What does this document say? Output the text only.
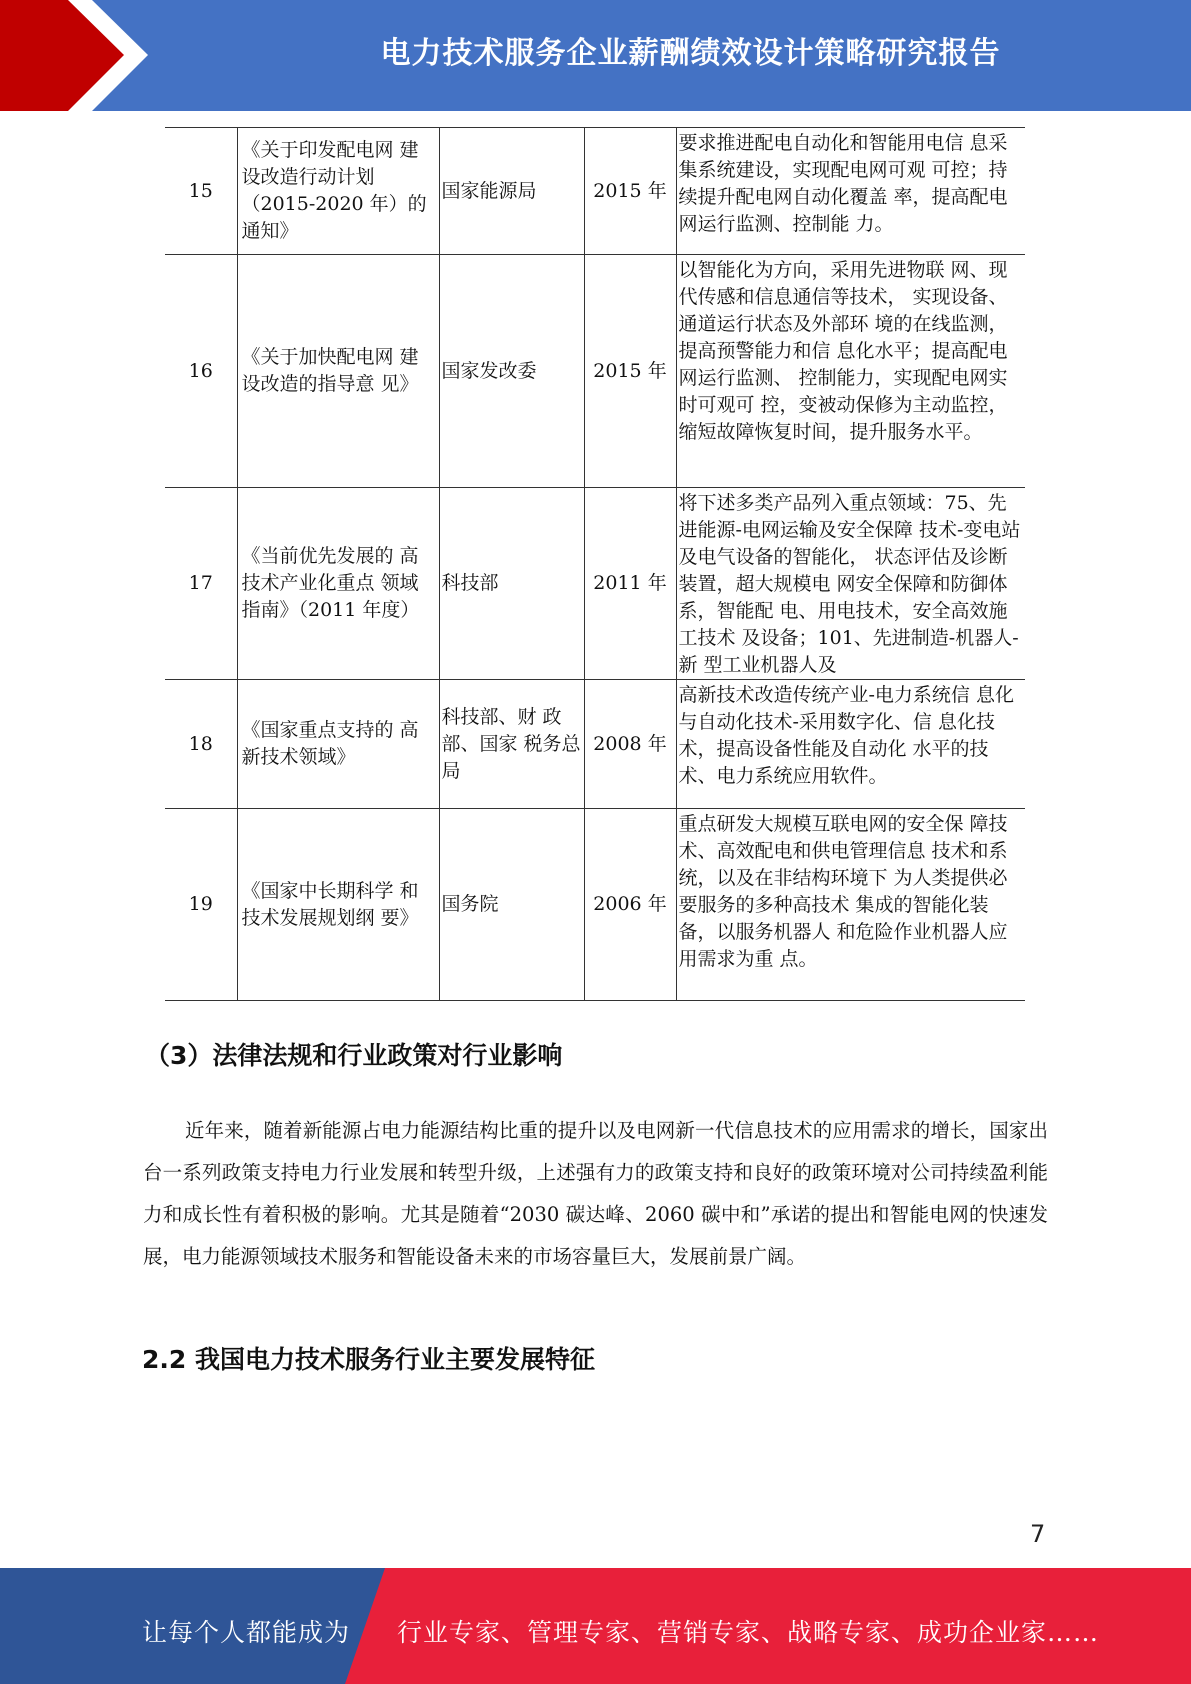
电力技术服务企业薪酬绩效设计策略研究报告
15	《关于印发配电网 建设改造行动计划 （2015-2020 年）的 通知》	国家能源局	2015 年	要求推进配电自动化和智能用电信 息采集系统建设，实现配电网可观 可控；持续提升配电网自动化覆盖 率，提高配电网运行监测、控制能 力。
16	《关于加快配电网 建设改造的指导意 见》	国家发改委	2015 年	以智能化为方向，采用先进物联 网、现代传感和信息通信等技术， 实现设备、通道运行状态及外部环 境的在线监测，提高预警能力和信 息化水平；提高配电网运行监测、 控制能力，实现配电网实时可观可 控，变被动保修为主动监控，缩短故障恢复时间，提升服务水平。
17	《当前优先发展的 高技术产业化重点 领域指南》（2011 年度）	科技部	2011 年	将下述多类产品列入重点领域：75、先进能源-电网运输及安全保障 技术-变电站及电气设备的智能化， 状态评估及诊断装置，超大规模电 网安全保障和防御体系，智能配 电、用电技术，安全高效施工技术 及设备；101、先进制造-机器人-新 型工业机器人及

18	《国家重点支持的 高新技术领域》	科技部、财 政部、国家 税务总局	2008 年	高新技术改造传统产业-电力系统信 息化与自动化技术-采用数字化、信 息化技术，提高设备性能及自动化 水平的技术、电力系统应用软件。
19	《国家中长期科学 和技术发展规划纲 要》	国务院	2006 年	重点研发大规模互联电网的安全保 障技术、高效配电和供电管理信息 技术和系统，以及在非结构环境下 为人类提供必要服务的多种高技术 集成的智能化装备，以服务机器人 和危险作业机器人应用需求为重 点。
（3）法律法规和行业政策对行业影响
近年来，随着新能源占电力能源结构比重的提升以及电网新一代信息技术的应用需求的增长，国家出台一系列政策支持电力行业发展和转型升级，上述强有力的政策支持和良好的政策环境对公司持续盈利能力和成长性有着积极的影响。尤其是随着“2030 碳达峰、2060 碳中和”承诺的提出和智能电网的快速发展，电力能源领域技术服务和智能设备未来的市场容量巨大，发展前景广阔。
2.2 我国电力技术服务行业主要发展特征
7
让每个人都能成为 行业专家、管理专家、营销专家、战略专家、成功企业家……
